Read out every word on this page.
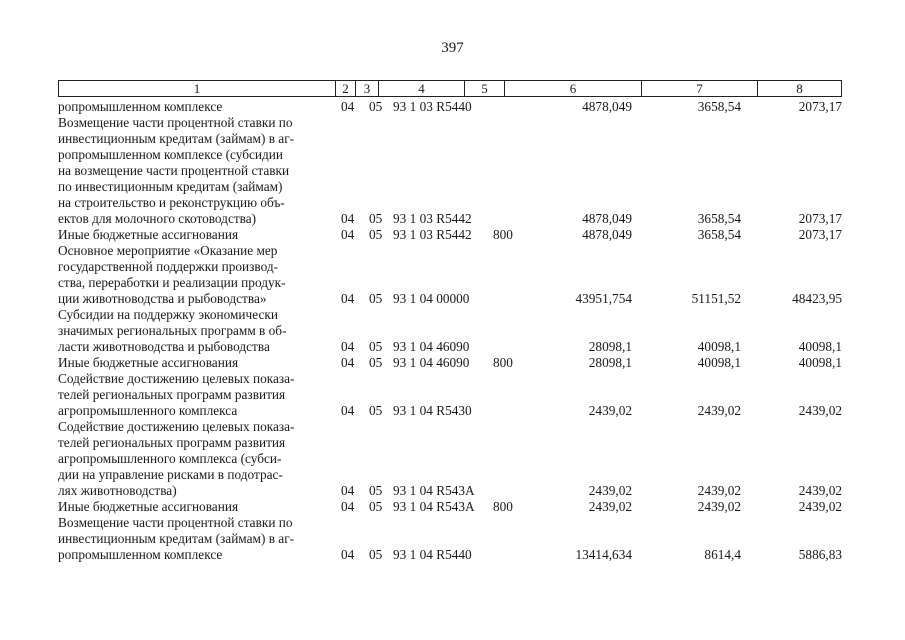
397
1	2	3	4	5	6	7	8
ропромышленном комплексе	04 05 93 1 03 R5440	4878,049	3658,54	2073,17
Возмещение части процентной ставки по
инвестиционным кредитам (займам) в аг-
ропромышленном комплексе (субсидии
на возмещение части процентной ставки
по инвестиционным кредитам (займам)
на строительство и реконструкцию объ-
ектов для молочного скотоводства)	04 05 93 1 03 R5442	4878,049	3658,54	2073,17
Иные бюджетные ассигнования	04 05 93 1 03 R5442 800	4878,049	3658,54	2073,17
Основное мероприятие «Оказание мер
государственной поддержки производ-
ства, переработки и реализации продук-
ции животноводства и рыбоводства»	04 05 93 1 04 00000	43951,754	51151,52	48423,95
Субсидии на поддержку экономически
значимых региональных программ в об-
ласти животноводства и рыбоводства	04 05 93 1 04 46090	28098,1	40098,1	40098,1
Иные бюджетные ассигнования	04 05 93 1 04 46090 800	28098,1	40098,1	40098,1
Содействие достижению целевых показа-
телей региональных программ развития
агропромышленного комплекса	04 05 93 1 04 R5430	2439,02	2439,02	2439,02
Содействие достижению целевых показа-
телей региональных программ развития
агропромышленного комплекса (субси-
дии на управление рисками в подотрас-
лях животноводства)	04 05 93 1 04 R543A	2439,02	2439,02	2439,02
Иные бюджетные ассигнования	04 05 93 1 04 R543A 800	2439,02	2439,02	2439,02
Возмещение части процентной ставки по
инвестиционным кредитам (займам) в аг-
ропромышленном комплексе	04 05 93 1 04 R5440	13414,634	8614,4	5886,83
